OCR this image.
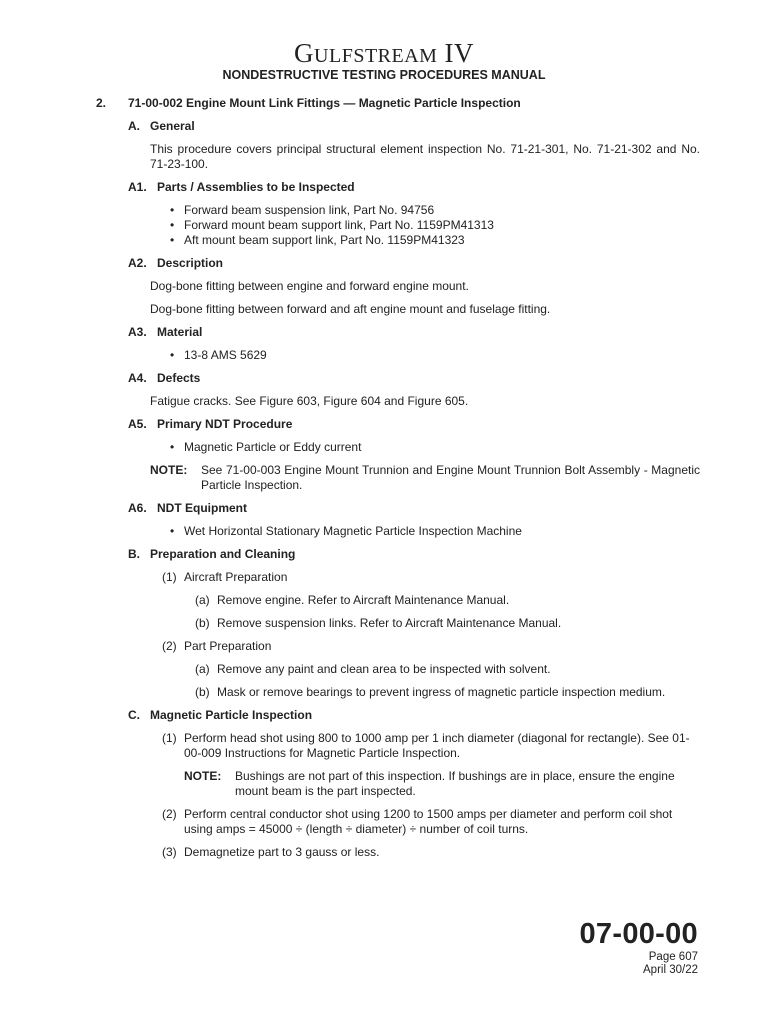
GULFSTREAM IV
NONDESTRUCTIVE TESTING PROCEDURES MANUAL
2.	71-00-002 Engine Mount Link Fittings — Magnetic Particle Inspection
A. General
This procedure covers principal structural element inspection No. 71-21-301, No. 71-21-302 and No. 71-23-100.
A1. Parts / Assemblies to be Inspected
• Forward beam suspension link, Part No. 94756
• Forward mount beam support link, Part No. 1159PM41313
• Aft mount beam support link, Part No. 1159PM41323
A2. Description
Dog-bone fitting between engine and forward engine mount.
Dog-bone fitting between forward and aft engine mount and fuselage fitting.
A3. Material
• 13-8 AMS 5629
A4. Defects
Fatigue cracks. See Figure 603, Figure 604 and Figure 605.
A5. Primary NDT Procedure
• Magnetic Particle or Eddy current
NOTE:	See 71-00-003 Engine Mount Trunnion and Engine Mount Trunnion Bolt Assembly - Magnetic Particle Inspection.
A6. NDT Equipment
• Wet Horizontal Stationary Magnetic Particle Inspection Machine
B. Preparation and Cleaning
(1) Aircraft Preparation
(a) Remove engine. Refer to Aircraft Maintenance Manual.
(b) Remove suspension links. Refer to Aircraft Maintenance Manual.
(2) Part Preparation
(a) Remove any paint and clean area to be inspected with solvent.
(b) Mask or remove bearings to prevent ingress of magnetic particle inspection medium.
C. Magnetic Particle Inspection
(1) Perform head shot using 800 to 1000 amp per 1 inch diameter (diagonal for rectangle). See 01-00-009 Instructions for Magnetic Particle Inspection.
NOTE:	Bushings are not part of this inspection. If bushings are in place, ensure the engine mount beam is the part inspected.
(2) Perform central conductor shot using 1200 to 1500 amps per diameter and perform coil shot using amps = 45000 ÷ (length ÷ diameter) ÷ number of coil turns.
(3) Demagnetize part to 3 gauss or less.
07-00-00
Page 607
April 30/22
